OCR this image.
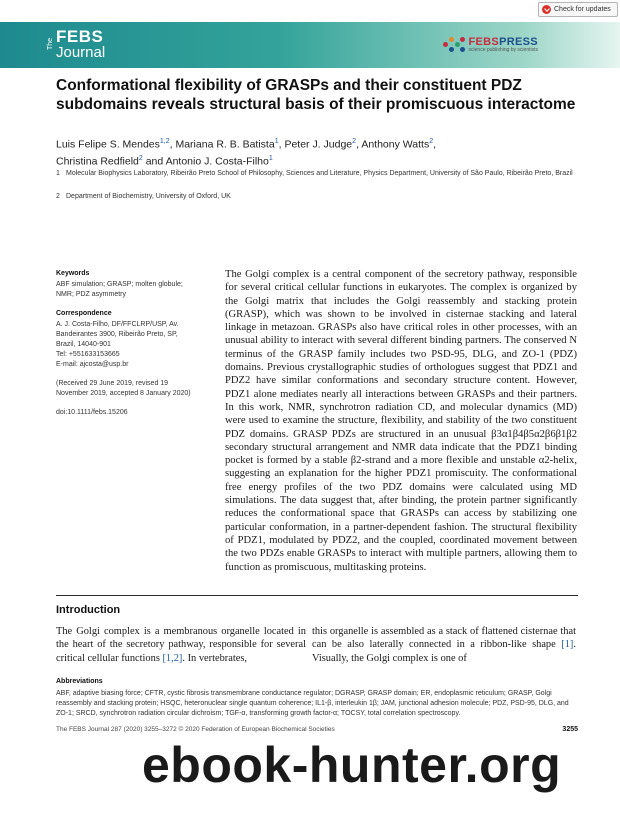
Check for updates
The FEBS
Journal
FEBSPRESS
science publishing by scientists
Conformational flexibility of GRASPs and their constituent PDZ subdomains reveals structural basis of their promiscuous interactome
Luis Felipe S. Mendes$^{1,2}$, Mariana R. B. Batista$^1$, Peter J. Judge$^2$, Anthony Watts$^2$,
Christina Redfield$^2$ and Antonio J. Costa-Filho$^1$
1 Molecular Biophysics Laboratory, Ribeirão Preto School of Philosophy, Sciences and Literature, Physics Department, University of São Paulo, Ribeirão Preto, Brazil
2 Department of Biochemistry, University of Oxford, UK
Keywords

ABF simulation; GRASP; molten globule;
NMR; PDZ asymmetry

Correspondence

A. J. Costa-Filho, DF/FFCLRP/USP, Av.
Bandeirantes 3900, Ribeirão Preto, SP,
Brazil, 14040-901
Tel: +551633153665
E-mail: ajcosta@usp.br

(Received 29 June 2019, revised 19
November 2019, accepted 8 January 2020)

doi:10.1111/febs.15206

The Golgi complex is a central component of the secretory pathway, responsible for several critical cellular functions in eukaryotes. The complex is organized by the Golgi matrix that includes the Golgi reassembly and stacking protein (GRASP), which was shown to be involved in cisternae stacking and lateral linkage in metazoan. GRASPs also have critical roles in other processes, with an unusual ability to interact with several different binding partners. The conserved N terminus of the GRASP family includes two PSD-95, DLG, and ZO-1 (PDZ) domains. Previous crystallographic studies of orthologues suggest that PDZ1 and PDZ2 have similar conformations and secondary structure content. However, PDZ1 alone mediates nearly all interactions between GRASPs and their partners. In this work, NMR, synchrotron radiation CD, and molecular dynamics (MD) were used to examine the structure, flexibility, and stability of the two constituent PDZ domains. GRASP PDZs are structured in an unusual β3α1β4β5α2β6β1β2 secondary structural arrangement and NMR data indicate that the PDZ1 binding pocket is formed by a stable β2-strand and a more flexible and unstable α2-helix, suggesting an explanation for the higher PDZ1 promiscuity. The conformational free energy profiles of the two PDZ domains were calculated using MD simulations. The data suggest that, after binding, the protein partner significantly reduces the conformational space that GRASPs can access by stabilizing one particular conformation, in a partner-dependent fashion. The structural flexibility of PDZ1, modulated by PDZ2, and the coupled, coordinated movement between the two PDZs enable GRASPs to interact with multiple partners, allowing them to function as promiscuous, multitasking proteins.

Introduction

The Golgi complex is a membranous organelle located in the heart of the secretory pathway, responsible for several critical cellular functions [1,2]. In vertebrates,

this organelle is assembled as a stack of flattened cisternae that can be also laterally connected in a ribbon-like shape [1]. Visually, the Golgi complex is one of

Abbreviations

ABF, adaptive biasing force; CFTR, cystic fibrosis transmembrane conductance regulator; DGRASP, GRASP domain; ER, endoplasmic reticulum; GRASP, Golgi reassembly and stacking protein; HSQC, heteronuclear single quantum coherence; IL1-β, interleukin 1β; JAM, junctional adhesion molecule; PDZ, PSD-95, DLG, and ZO-1; SRCD, synchrotron radiation circular dichroism; TGF-α, transforming growth factor-α; TOCSY, total correlation spectroscopy.

The FEBS Journal 287 (2020) 3255–3272 © 2020 Federation of European Biochemical Societies	3255
ebook-hunter.org
